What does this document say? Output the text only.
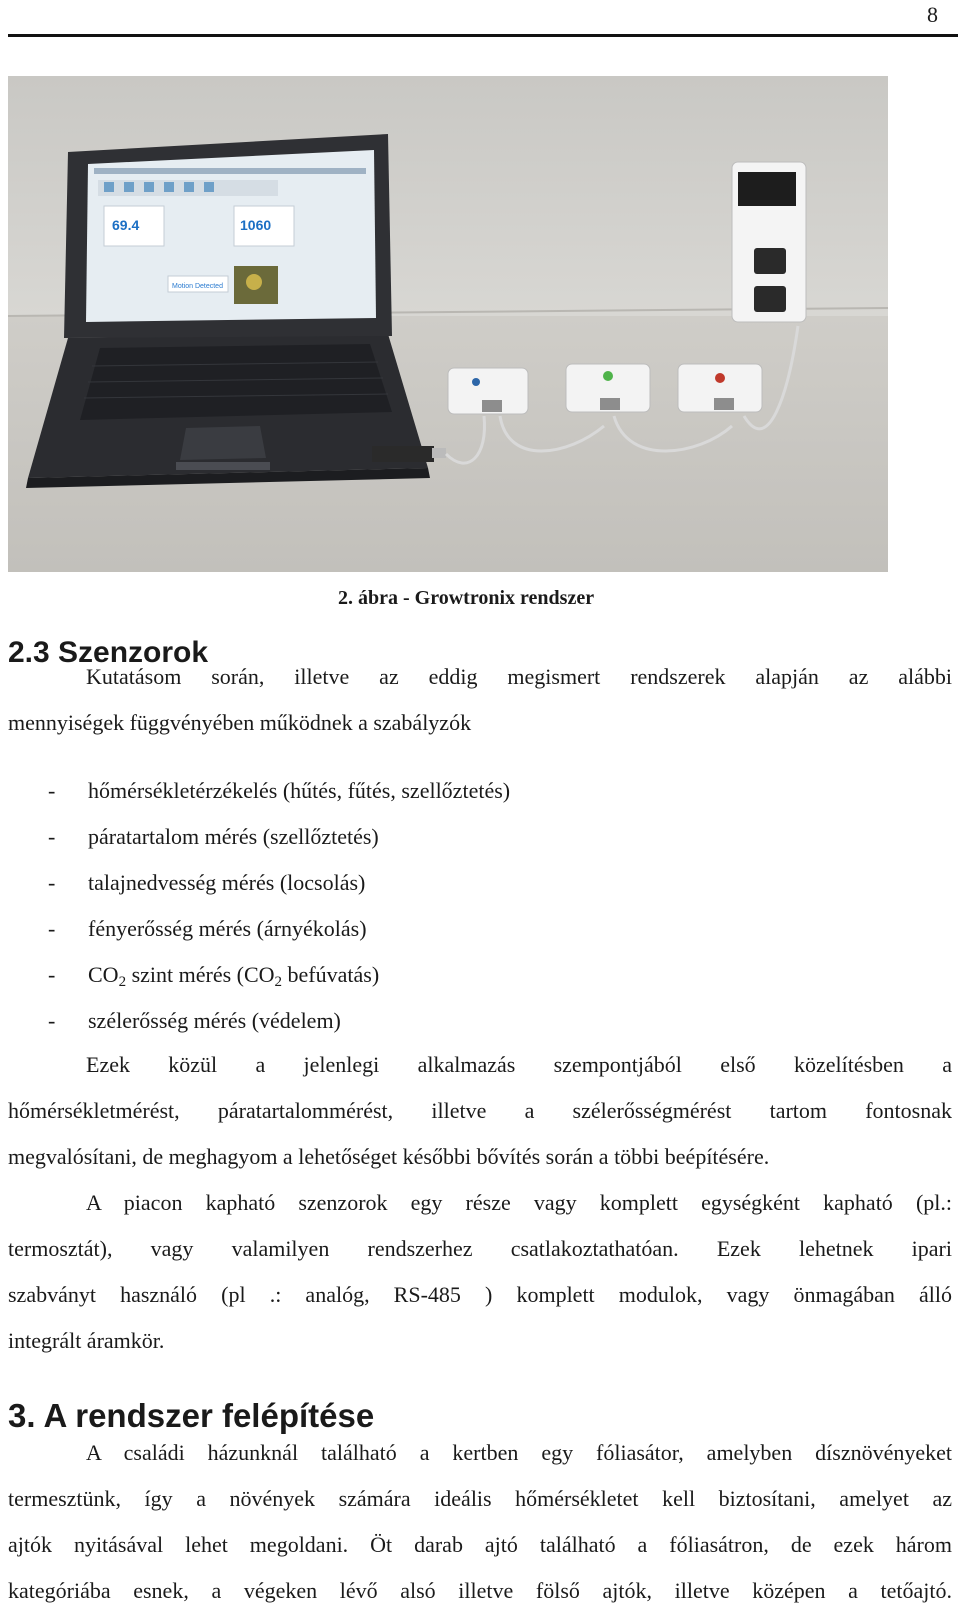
8
69.4	1060
Motion Detected
2. ábra - Growtronix rendszer
2.3 Szenzorok
Kutatásom során, illetve az eddig megismert rendszerek alapján az alábbi
mennyiségek függvényében működnek a szabályzók
- hőmérsékletérzékelés (hűtés, fűtés, szellőztetés)
- páratartalom mérés (szellőztetés)
- talajnedvesség mérés (locsolás)
- fényerősség mérés (árnyékolás)
- $CO_2$ szint mérés ($CO_2$ befúvatás)
- szélerősség mérés (védelem)
Ezek közül a jelenlegi alkalmazás szempontjából első közelítésben a
hőmérsékletmérést, páratartalommérést, illetve a szélerősségmérést tartom fontosnak
megvalósítani, de meghagyom a lehetőséget későbbi bővítés során a többi beépítésére.
A piacon kapható szenzorok egy része vagy komplett egységként kapható (pl.:
termosztát), vagy valamilyen rendszerhez csatlakoztathatóan. Ezek lehetnek ipari
szabványt használó (pl .: analóg, RS-485 ) komplett modulok, vagy önmagában álló
integrált áramkör.
3. A rendszer felépítése
A családi házunknál található a kertben egy fóliasátor, amelyben dísznövényeket
termesztünk, így a növények számára ideális hőmérsékletet kell biztosítani, amelyet az
ajtók nyitásával lehet megoldani. Öt darab ajtó található a fóliasátron, de ezek három
kategóriába esnek, a végeken lévő alsó illetve fölső ajtók, illetve középen a tetőajtó.
